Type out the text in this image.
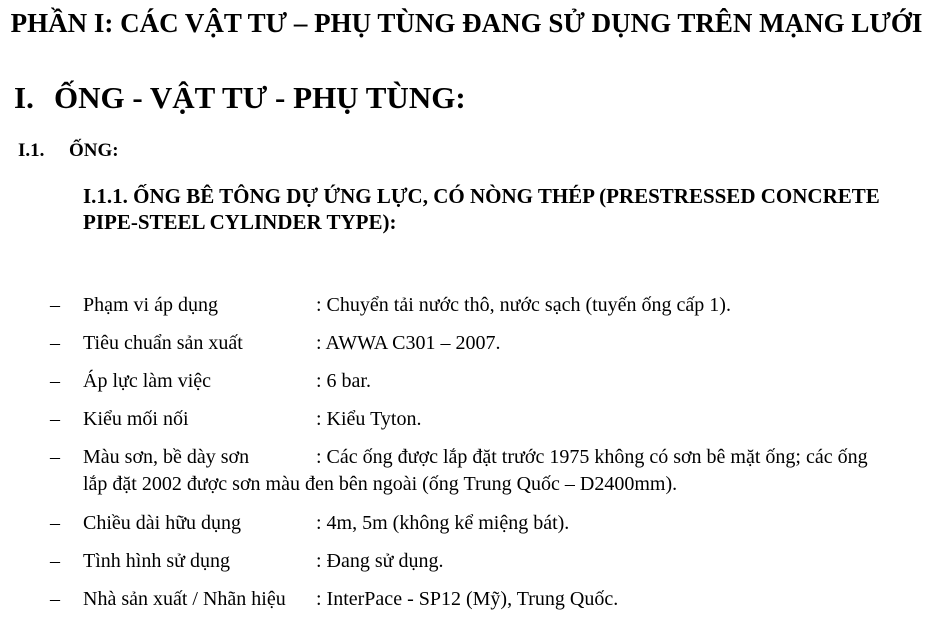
PHẦN I: CÁC VẬT TƯ – PHỤ TÙNG ĐANG SỬ DỤNG TRÊN MẠNG LƯỚI
I. ỐNG - VẬT TƯ - PHỤ TÙNG:
I.1. ỐNG:
I.1.1. ỐNG BÊ TÔNG DỰ ỨNG LỰC, CÓ NÒNG THÉP (PRESTRESSED CONCRETE PIPE-STEEL CYLINDER TYPE):
–	Phạm vi áp dụng	: Chuyển tải nước thô, nước sạch (tuyến ống cấp 1).
–	Tiêu chuẩn sản xuất	: AWWA C301 – 2007.
–	Áp lực làm việc	: 6 bar.
–	Kiểu mối nối	: Kiểu Tyton.
– Màu sơn, bề dày sơn	: Các ống được lắp đặt trước 1975 không có sơn bê mặt ống; các ống
lắp đặt 2002 được sơn màu đen bên ngoài (ống Trung Quốc – D2400mm).
–	Chiều dài hữu dụng	: 4m, 5m (không kể miệng bát).
–	Tình hình sử dụng	: Đang sử dụng.
–	Nhà sản xuất / Nhãn hiệu : InterPace - SP12 (Mỹ), Trung Quốc.
